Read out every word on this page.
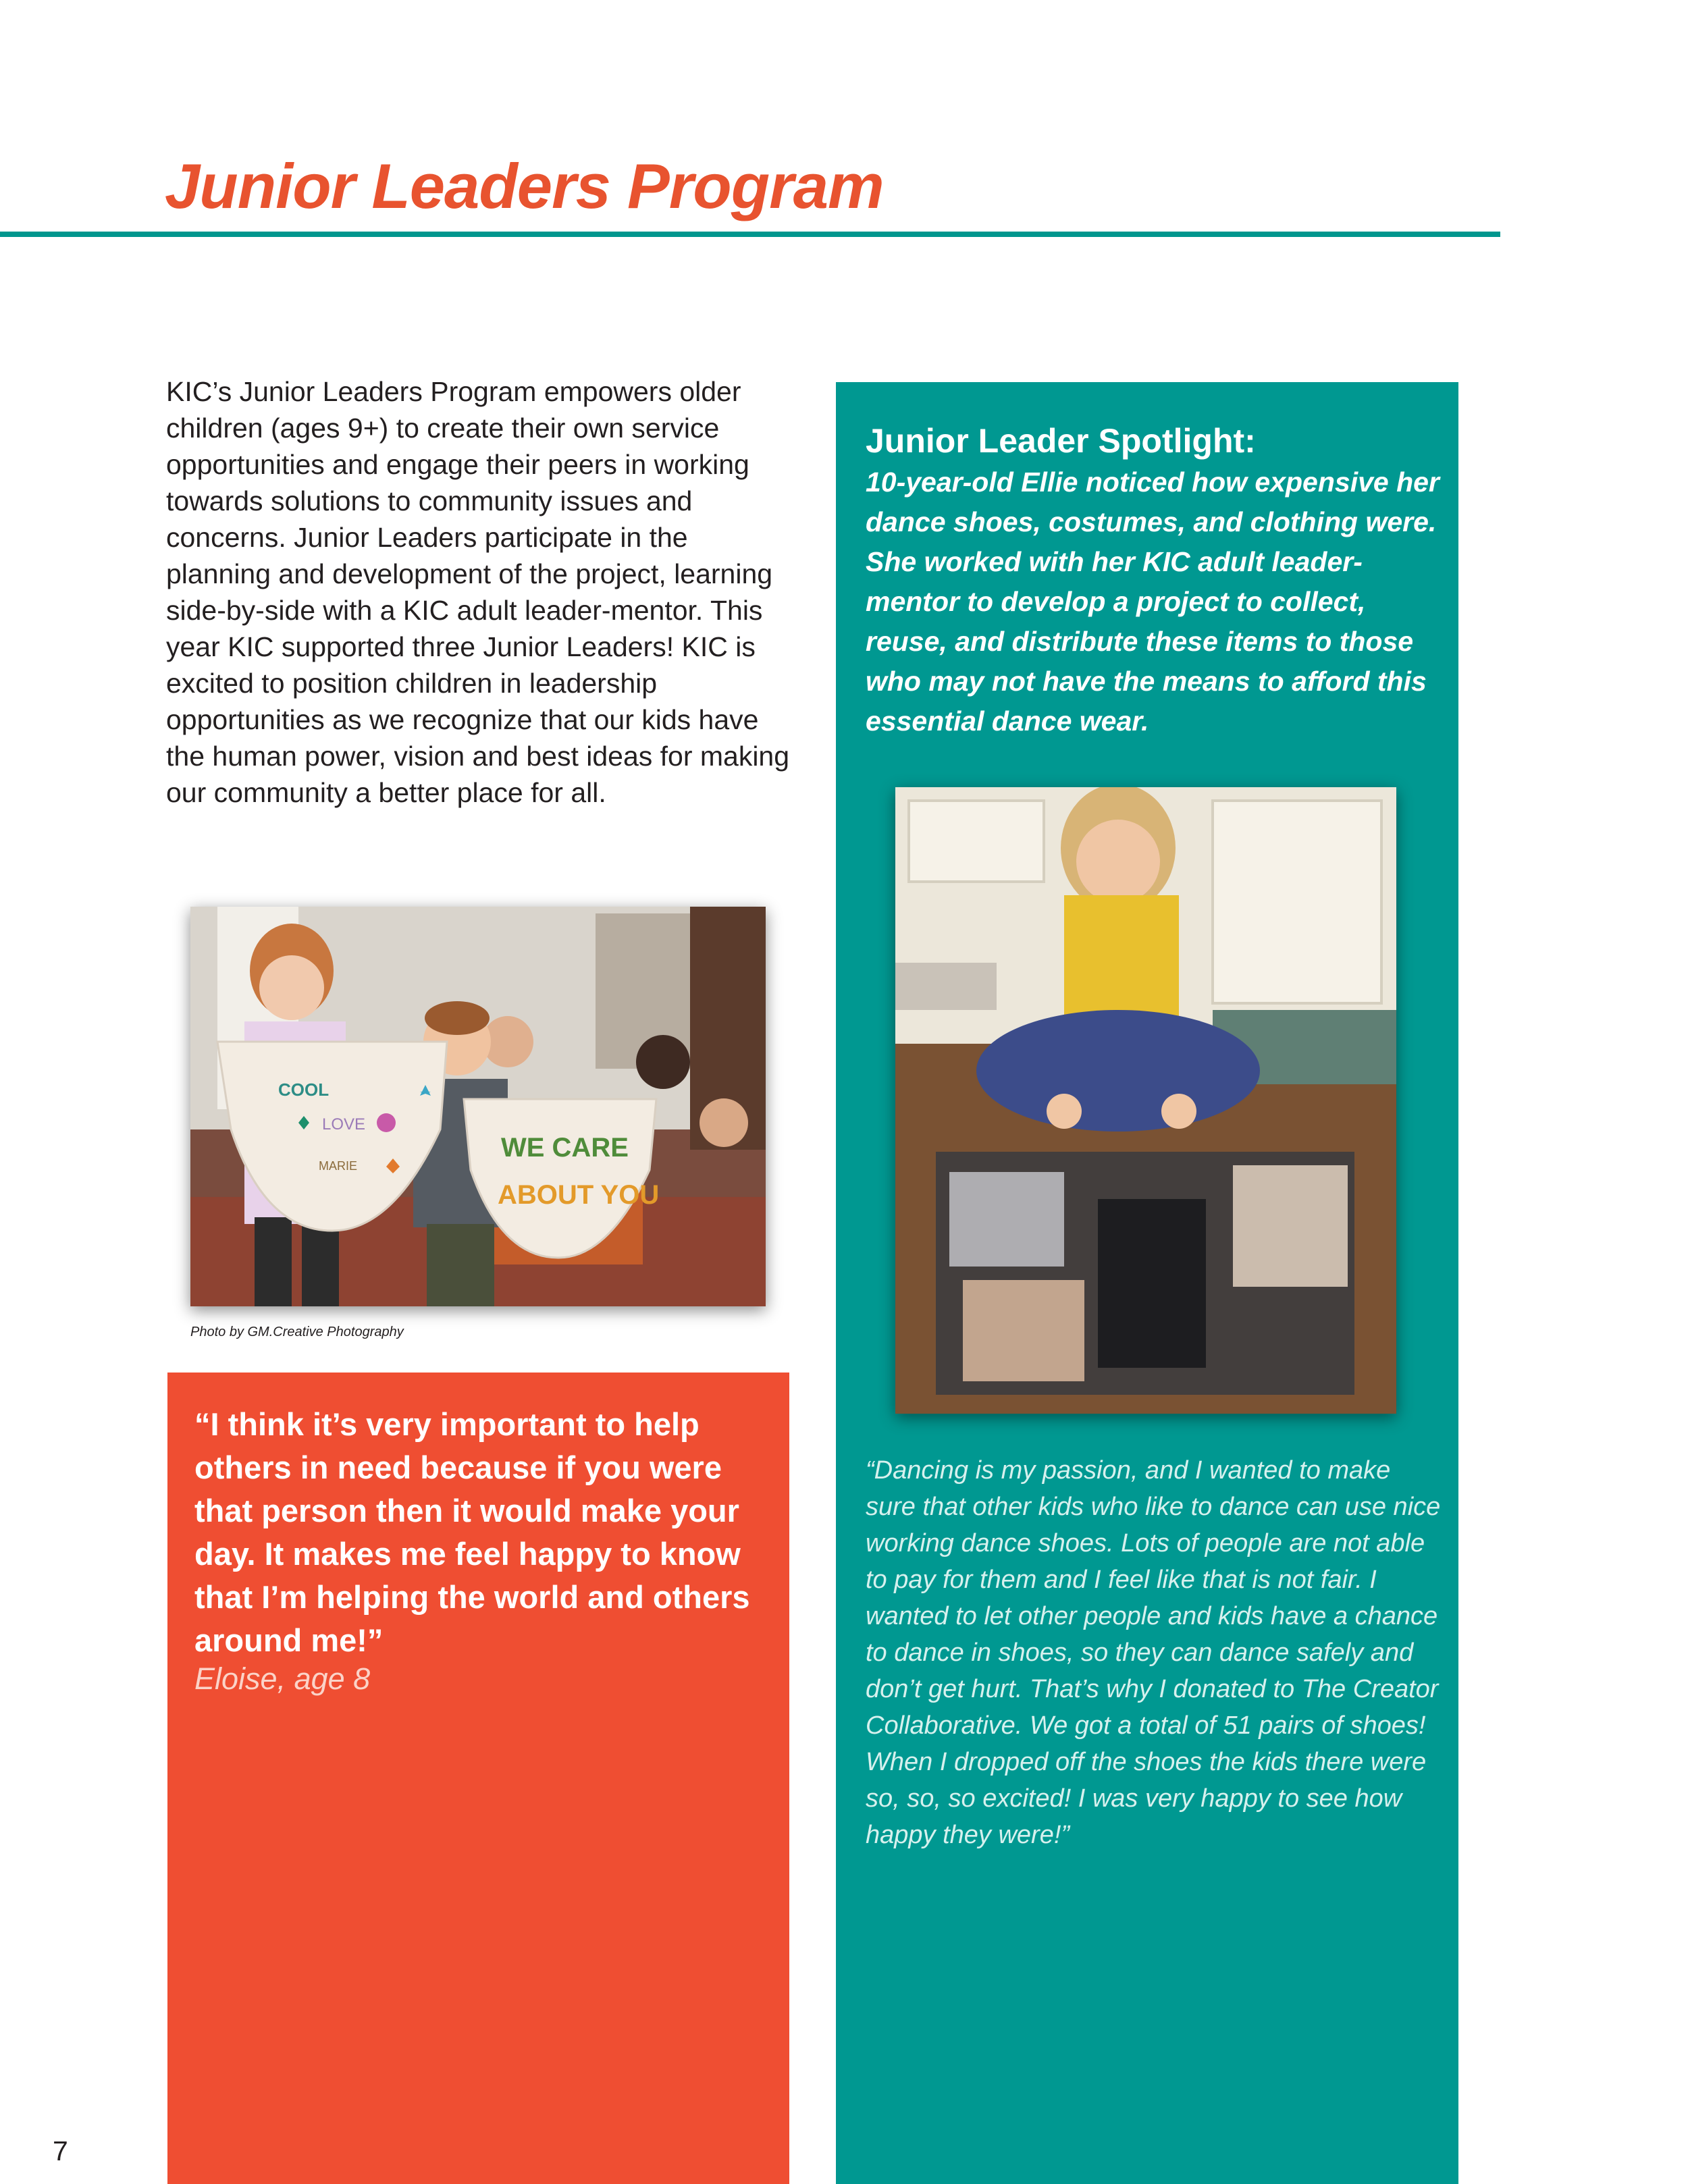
Junior Leaders Program

KIC’s Junior Leaders Program empowers older children (ages 9+) to create their own service opportunities and engage their peers in working towards solutions to community issues and concerns. Junior Leaders participate in the planning and development of the project, learning side-by-side with a KIC adult leader-mentor. This year KIC supported three Junior Leaders! KIC is excited to position children in leadership opportunities as we recognize that our kids have the human power, vision and best ideas for making our community a better place for all.

COOL
LOVE
MARIE
WE CARE
ABOUT YOU

Photo by GM.Creative Photography

“I think it’s very important to help others in need because if you were that person then it would make your day. It makes me feel happy to know that I’m helping the world and others around me!”

Eloise, age 8

Junior Leader Spotlight:

10-year-old Ellie noticed how expensive her dance shoes, costumes, and clothing were. She worked with her KIC adult leader-mentor to develop a project to collect, reuse, and distribute these items to those who may not have the means to afford this essential dance wear.

“Dancing is my passion, and I wanted to make sure that other kids who like to dance can use nice working dance shoes. Lots of people are not able to pay for them and I feel like that is not fair. I wanted to let other people and kids have a chance to dance in shoes, so they can dance safely and don’t get hurt. That’s why I donated to The Creator Collaborative. We got a total of 51 pairs of shoes! When I dropped off the shoes the kids there were so, so, so excited! I was very happy to see how happy they were!”

7
